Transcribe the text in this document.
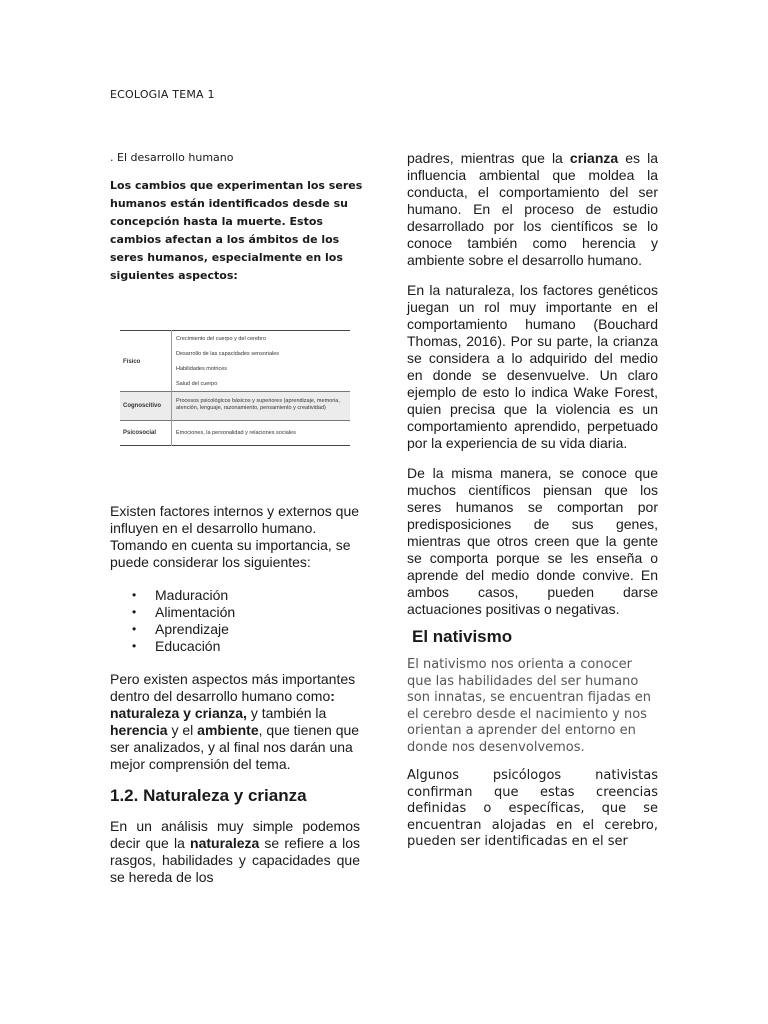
ECOLOGIA TEMA 1
. El desarrollo humano
Los cambios que experimentan los seres humanos están identificados desde su concepción hasta la muerte. Estos cambios afectan a los ámbitos de los seres humanos, especialmente en los siguientes aspectos:
Físico		Crecimiento del cuerpo y del cerebro
Desarrollo de las capacidades sensoriales
Habilidades motrices
Salud del cuerpo

Cognoscitivo		Procesos psicológicos básicos y superiores (aprendizaje, memoria, atención, lenguaje, razonamiento, pensamiento y creatividad)

Psicosocial		Emociones, la personalidad y relaciones sociales

Existen factores internos y externos que influyen en el desarrollo humano. Tomando en cuenta su importancia, se puede considerar los siguientes:

• Maduración
• Alimentación
• Aprendizaje
• Educación

Pero existen aspectos más importantes dentro del desarrollo humano como: naturaleza y crianza, y también la herencia y el ambiente, que tienen que ser analizados, y al final nos darán una mejor comprensión del tema.

1.2. Naturaleza y crianza

En un análisis muy simple podemos decir que la naturaleza se refiere a los rasgos, habilidades y capacidades que se hereda de los

padres, mientras que la crianza es la influencia ambiental que moldea la conducta, el comportamiento del ser humano. En el proceso de estudio desarrollado por los científicos se lo conoce también como herencia y ambiente sobre el desarrollo humano.

En la naturaleza, los factores genéticos juegan un rol muy importante en el comportamiento humano (Bouchard Thomas, 2016). Por su parte, la crianza se considera a lo adquirido del medio en donde se desenvuelve. Un claro ejemplo de esto lo indica Wake Forest, quien precisa que la violencia es un comportamiento aprendido, perpetuado por la experiencia de su vida diaria.

De la misma manera, se conoce que muchos científicos piensan que los seres humanos se comportan por predisposiciones de sus genes, mientras que otros creen que la gente se comporta porque se les enseña o aprende del medio donde convive. En ambos casos, pueden darse actuaciones positivas o negativas.

El nativismo

El nativismo nos orienta a conocer que las habilidades del ser humano son innatas, se encuentran fijadas en el cerebro desde el nacimiento y nos orientan a aprender del entorno en donde nos desenvolvemos.

Algunos psicólogos nativistas confirman que estas creencias definidas o específicas, que se encuentran alojadas en el cerebro, pueden ser identificadas en el ser
